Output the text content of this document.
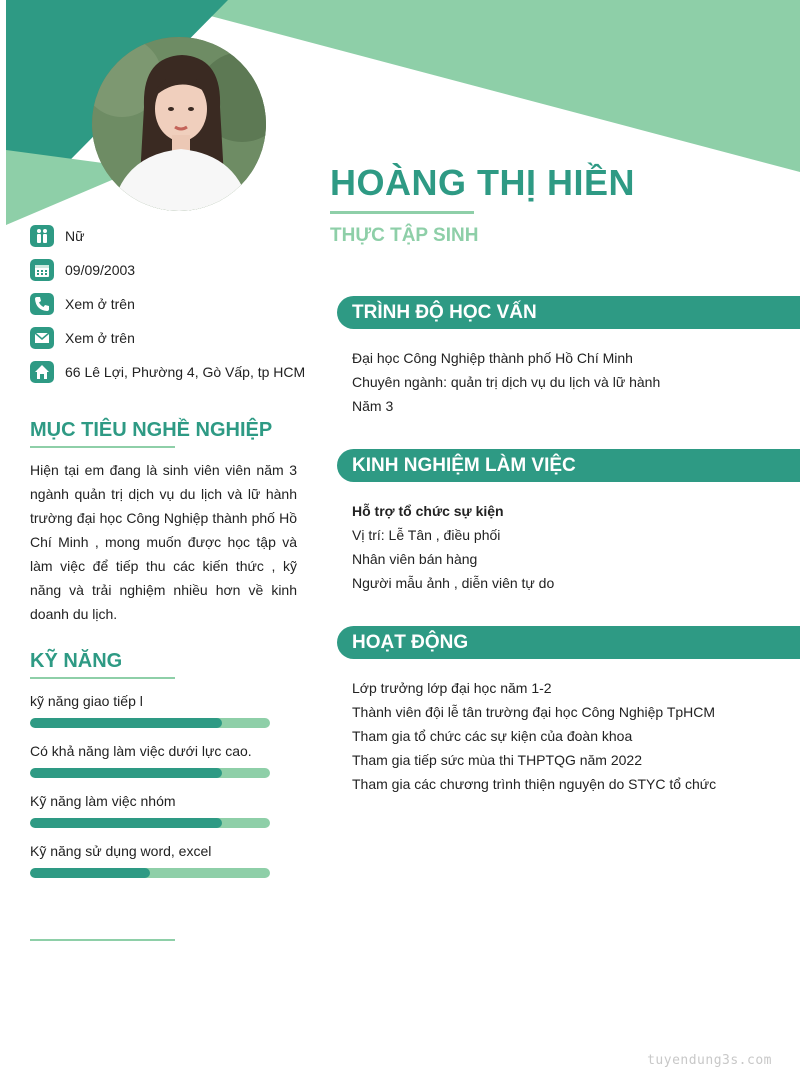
HOÀNG THỊ HIỀN
THỰC TẬP SINH
Nữ
09/09/2003
Xem ở trên
Xem ở trên
66 Lê Lợi, Phường 4, Gò Vấp, tp HCM
MỤC TIÊU NGHỀ NGHIỆP
Hiện tại em đang là sinh viên viên năm 3 ngành quản trị dịch vụ du lịch và lữ hành trường đại học Công Nghiệp thành phố Hồ Chí Minh , mong muốn được học tập và làm việc để tiếp thu các kiến thức , kỹ năng và trải nghiệm nhiều hơn về kinh doanh du lịch.
KỸ NĂNG
kỹ năng giao tiếp l
Có khả năng làm việc dưới lực cao.
Kỹ năng làm việc nhóm
Kỹ năng sử dụng word, excel
TRÌNH ĐỘ HỌC VẤN
Đại học Công Nghiệp thành phố Hồ Chí Minh
Chuyên ngành: quản trị dịch vụ du lịch và lữ hành
Năm 3
KINH NGHIỆM LÀM VIỆC
Hỗ trợ tổ chức sự kiện
Vị trí: Lễ Tân , điều phối
Nhân viên bán hàng
Người mẫu ảnh , diễn viên tự do
HOẠT ĐỘNG
Lớp trưởng lớp đại học năm 1-2
Thành viên đội lễ tân trường đại học Công Nghiệp TpHCM
Tham gia tổ chức các sự kiện của đoàn khoa
Tham gia tiếp sức mùa thi THPTQG năm 2022
Tham gia các chương trình thiện nguyện do STYC tổ chức
tuyendung3s.com
